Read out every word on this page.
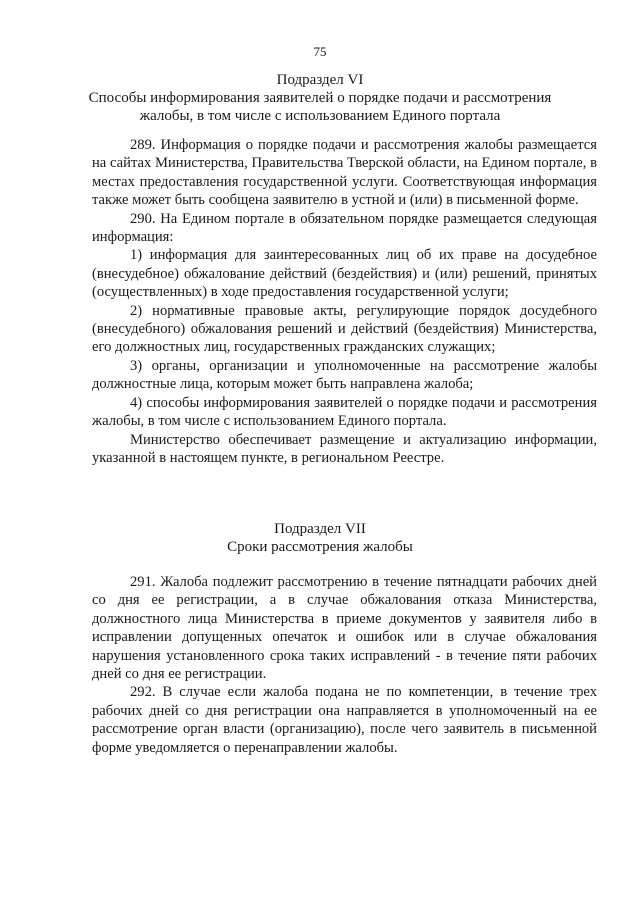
75
Подраздел VI
Способы информирования заявителей о порядке подачи и рассмотрения
жалобы, в том числе с использованием Единого портала

289. Информация о порядке подачи и рассмотрения жалобы размещается на сайтах Министерства, Правительства Тверской области, на Едином портале, в местах предоставления государственной услуги. Соответствующая информация также может быть сообщена заявителю в устной и (или) в письменной форме.

290. На Едином портале в обязательном порядке размещается следующая информация:

1) информация для заинтересованных лиц об их праве на досудебное (внесудебное) обжалование действий (бездействия) и (или) решений, принятых (осуществленных) в ходе предоставления государственной услуги;

2) нормативные правовые акты, регулирующие порядок досудебного (внесудебного) обжалования решений и действий (бездействия) Министерства, его должностных лиц, государственных гражданских служащих;

3) органы, организации и уполномоченные на рассмотрение жалобы должностные лица, которым может быть направлена жалоба;

4) способы информирования заявителей о порядке подачи и рассмотрения жалобы, в том числе с использованием Единого портала.

Министерство обеспечивает размещение и актуализацию информации, указанной в настоящем пункте, в региональном Реестре.

Подраздел VII
Сроки рассмотрения жалобы

291. Жалоба подлежит рассмотрению в течение пятнадцати рабочих дней со дня ее регистрации, а в случае обжалования отказа Министерства, должностного лица Министерства в приеме документов у заявителя либо в исправлении допущенных опечаток и ошибок или в случае обжалования нарушения установленного срока таких исправлений - в течение пяти рабочих дней со дня ее регистрации.

292. В случае если жалоба подана не по компетенции, в течение трех рабочих дней со дня регистрации она направляется в уполномоченный на ее рассмотрение орган власти (организацию), после чего заявитель в письменной форме уведомляется о перенаправлении жалобы.
